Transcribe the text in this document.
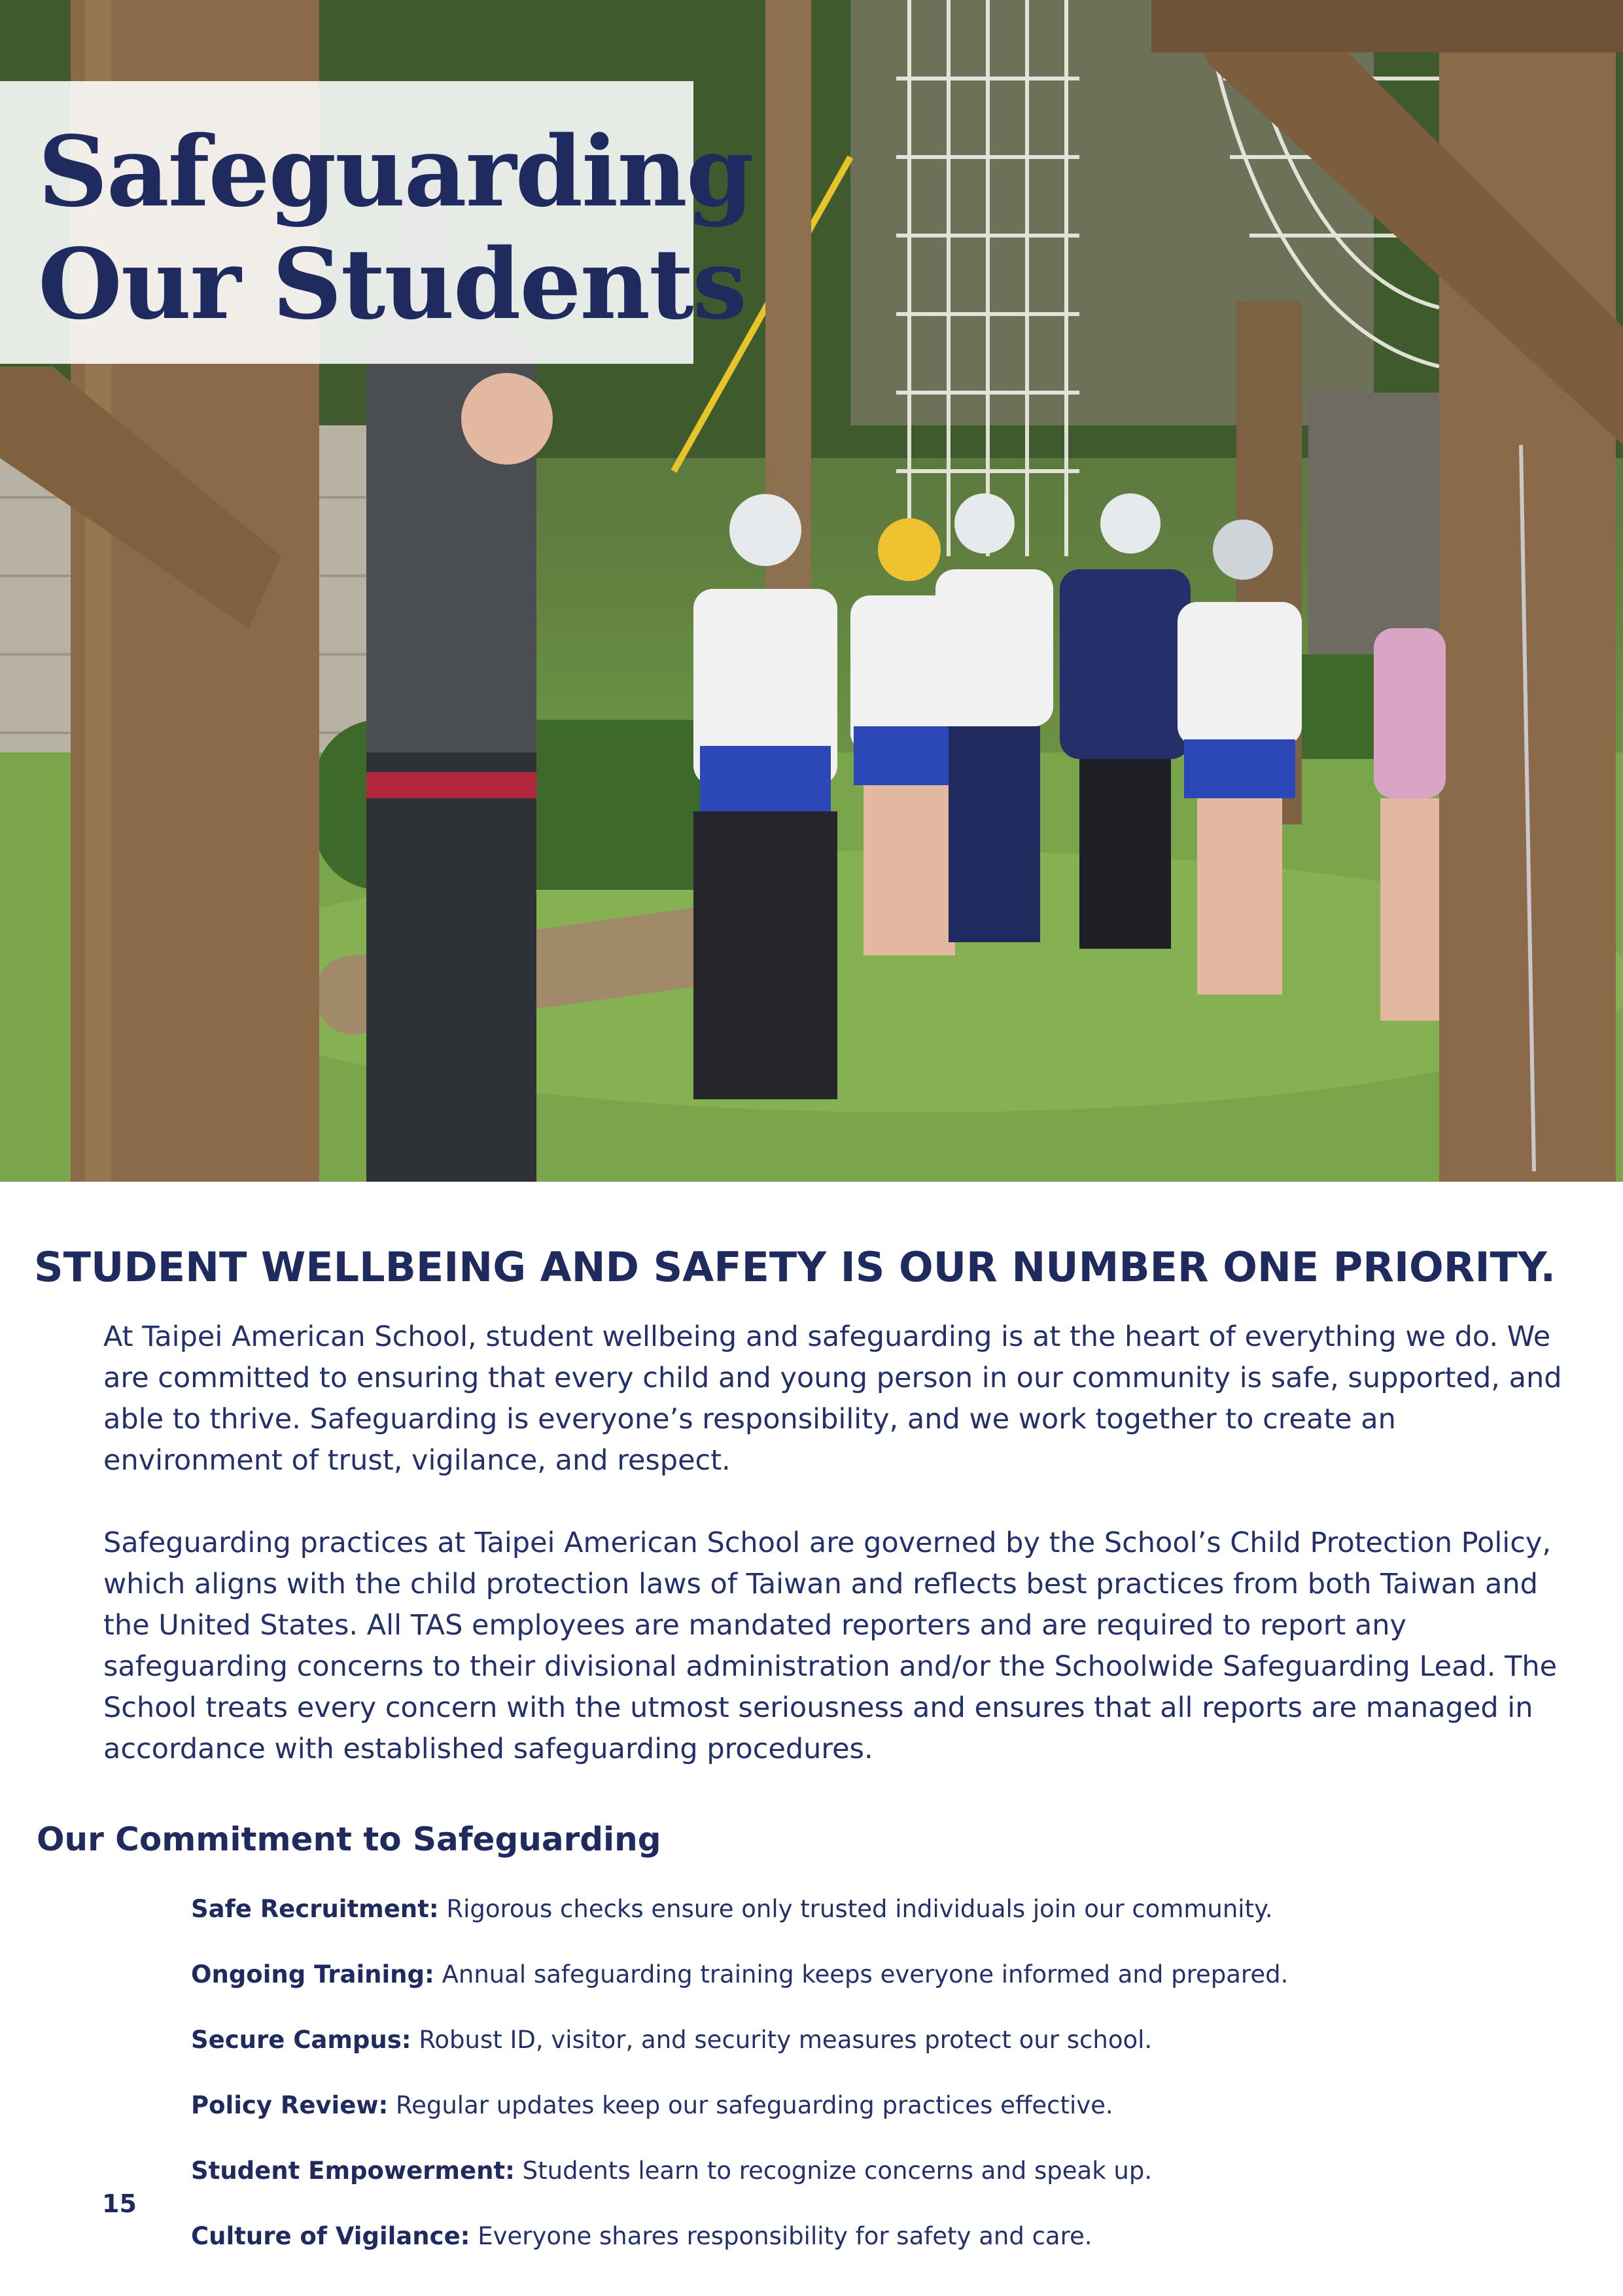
Safeguarding
Our Students
STUDENT WELLBEING AND SAFETY IS OUR NUMBER ONE PRIORITY.

At Taipei American School, student wellbeing and safeguarding is at the heart of everything we do. We are committed to ensuring that every child and young person in our community is safe, supported, and able to thrive. Safeguarding is everyone’s responsibility, and we work together to create an environment of trust, vigilance, and respect.

Safeguarding practices at Taipei American School are governed by the School’s Child Protection Policy, which aligns with the child protection laws of Taiwan and reflects best practices from both Taiwan and the United States. All TAS employees are mandated reporters and are required to report any safeguarding concerns to their divisional administration and/or the Schoolwide Safeguarding Lead. The School treats every concern with the utmost seriousness and ensures that all reports are managed in accordance with established safeguarding procedures.

Our Commitment to Safeguarding
Safe Recruitment: Rigorous checks ensure only trusted individuals join our community.
Ongoing Training: Annual safeguarding training keeps everyone informed and prepared.
Secure Campus: Robust ID, visitor, and security measures protect our school.
Policy Review: Regular updates keep our safeguarding practices effective.
Student Empowerment: Students learn to recognize concerns and speak up.
Culture of Vigilance: Everyone shares responsibility for safety and care.
15
